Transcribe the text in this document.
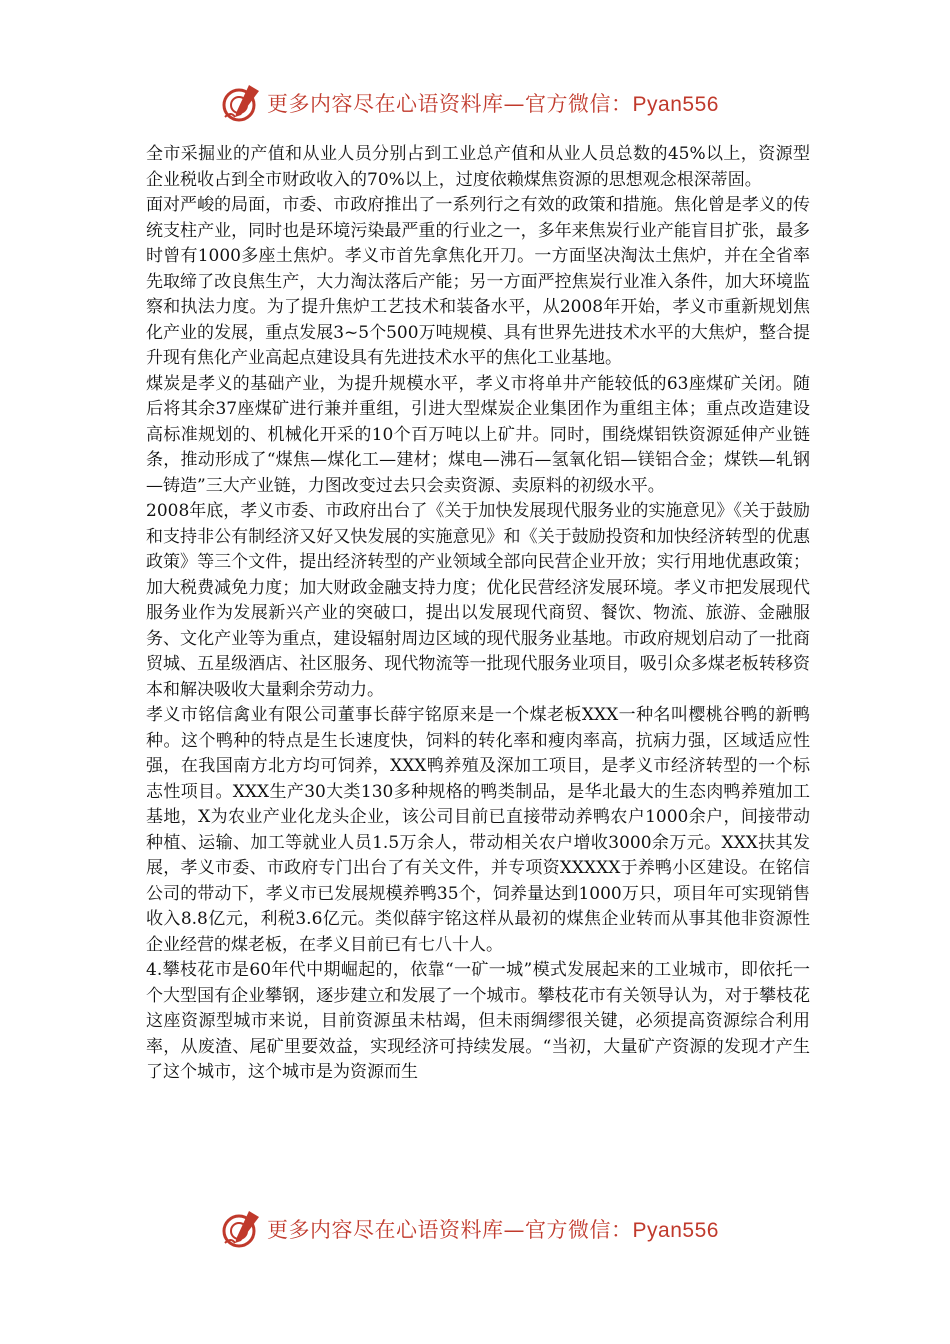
更多内容尽在心语资料库—官方微信：Pyan556

全市采掘业的产值和从业人员分别占到工业总产值和从业人员总数的45%以上，资源型企业税收占到全市财政收入的70%以上，过度依赖煤焦资源的思想观念根深蒂固。

面对严峻的局面，市委、市政府推出了一系列行之有效的政策和措施。焦化曾是孝义的传统支柱产业，同时也是环境污染最严重的行业之一，多年来焦炭行业产能盲目扩张，最多时曾有1000多座土焦炉。孝义市首先拿焦化开刀。一方面坚决淘汰土焦炉，并在全省率先取缔了改良焦生产，大力淘汰落后产能；另一方面严控焦炭行业准入条件，加大环境监察和执法力度。为了提升焦炉工艺技术和装备水平，从2008年开始，孝义市重新规划焦化产业的发展，重点发展3~5个500万吨规模、具有世界先进技术水平的大焦炉，整合提升现有焦化产业高起点建设具有先进技术水平的焦化工业基地。

煤炭是孝义的基础产业，为提升规模水平，孝义市将单井产能较低的63座煤矿关闭。随后将其余37座煤矿进行兼并重组，引进大型煤炭企业集团作为重组主体；重点改造建设高标准规划的、机械化开采的10个百万吨以上矿井。同时，围绕煤铝铁资源延伸产业链条，推动形成了“煤焦—煤化工—建材；煤电—沸石—氢氧化铝—镁铝合金；煤铁—轧钢—铸造”三大产业链，力图改变过去只会卖资源、卖原料的初级水平。

2008年底，孝义市委、市政府出台了《关于加快发展现代服务业的实施意见》《关于鼓励和支持非公有制经济又好又快发展的实施意见》和《关于鼓励投资和加快经济转型的优惠政策》等三个文件，提出经济转型的产业领域全部向民营企业开放；实行用地优惠政策；加大税费减免力度；加大财政金融支持力度；优化民营经济发展环境。孝义市把发展现代服务业作为发展新兴产业的突破口，提出以发展现代商贸、餐饮、物流、旅游、金融服务、文化产业等为重点，建设辐射周边区域的现代服务业基地。市政府规划启动了一批商贸城、五星级酒店、社区服务、现代物流等一批现代服务业项目，吸引众多煤老板转移资本和解决吸收大量剩余劳动力。

孝义市铭信禽业有限公司董事长薛宇铭原来是一个煤老板XXX一种名叫樱桃谷鸭的新鸭种。这个鸭种的特点是生长速度快，饲料的转化率和瘦肉率高，抗病力强，区域适应性强，在我国南方北方均可饲养，XXX鸭养殖及深加工项目，是孝义市经济转型的一个标志性项目。XXX生产30大类130多种规格的鸭类制品，是华北最大的生态肉鸭养殖加工基地，X为农业产业化龙头企业，该公司目前已直接带动养鸭农户1000余户，间接带动种植、运输、加工等就业人员1.5万余人，带动相关农户增收3000余万元。XXX扶其发展，孝义市委、市政府专门出台了有关文件，并专项资XXXXX于养鸭小区建设。在铭信公司的带动下，孝义市已发展规模养鸭35个，饲养量达到1000万只，项目年可实现销售收入8.8亿元，利税3.6亿元。类似薛宇铭这样从最初的煤焦企业转而从事其他非资源性企业经营的煤老板，在孝义目前已有七八十人。

4.攀枝花市是60年代中期崛起的，依靠“一矿一城”模式发展起来的工业城市，即依托一个大型国有企业攀钢，逐步建立和发展了一个城市。攀枝花市有关领导认为，对于攀枝花这座资源型城市来说，目前资源虽未枯竭，但未雨绸缪很关键，必须提高资源综合利用率，从废渣、尾矿里要效益，实现经济可持续发展。“当初，大量矿产资源的发现才产生了这个城市，这个城市是为资源而生

更多内容尽在心语资料库—官方微信：Pyan556
